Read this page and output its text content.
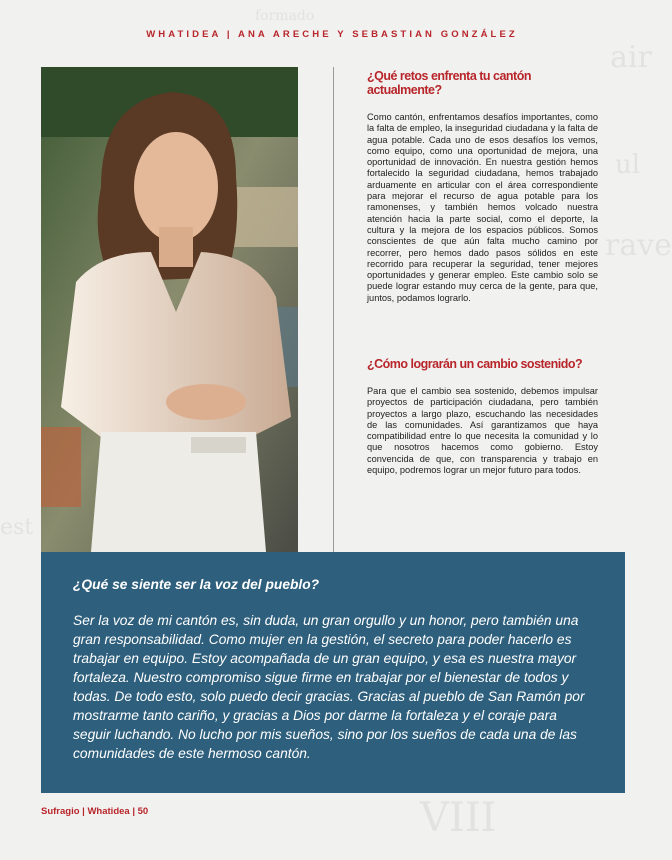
air
ul
rave
formado
est
VIII
WHATIDEA | ANA ARECHE Y SEBASTIAN GONZÁLEZ
¿Qué retos enfrenta tu cantón actualmente?

Como cantón, enfrentamos desafíos importantes, como la falta de empleo, la inseguridad ciudadana y la falta de agua potable. Cada uno de esos desafíos los vemos, como equipo, como una oportunidad de mejora, una oportunidad de innovación. En nuestra gestión hemos fortalecido la seguridad ciudadana, hemos trabajado arduamente en articular con el área correspondiente para mejorar el recurso de agua potable para los ramonenses, y también hemos volcado nuestra atención hacia la parte social, como el deporte, la cultura y la mejora de los espacios públicos. Somos conscientes de que aún falta mucho camino por recorrer, pero hemos dado pasos sólidos en este recorrido para recuperar la seguridad, tener mejores oportunidades y generar empleo. Este cambio solo se puede lograr estando muy cerca de la gente, para que, juntos, podamos lograrlo.

¿Cómo lograrán un cambio sostenido?

Para que el cambio sea sostenido, debemos impulsar proyectos de participación ciudadana, pero también proyectos a largo plazo, escuchando las necesidades de las comunidades. Así garantizamos que haya compatibilidad entre lo que necesita la comunidad y lo que nosotros hacemos como gobierno. Estoy convencida de que, con transparencia y trabajo en equipo, podremos lograr un mejor futuro para todos.

¿Qué se siente ser la voz del pueblo?

Ser la voz de mi cantón es, sin duda, un gran orgullo y un honor, pero también una gran responsabilidad. Como mujer en la gestión, el secreto para poder hacerlo es trabajar en equipo. Estoy acompañada de un gran equipo, y esa es nuestra mayor fortaleza. Nuestro compromiso sigue firme en trabajar por el bienestar de todos y todas. De todo esto, solo puedo decir gracias. Gracias al pueblo de San Ramón por mostrarme tanto cariño, y gracias a Dios por darme la fortaleza y el coraje para seguir luchando. No lucho por mis sueños, sino por los sueños de cada una de las comunidades de este hermoso cantón.

Sufragio | Whatidea | 50
